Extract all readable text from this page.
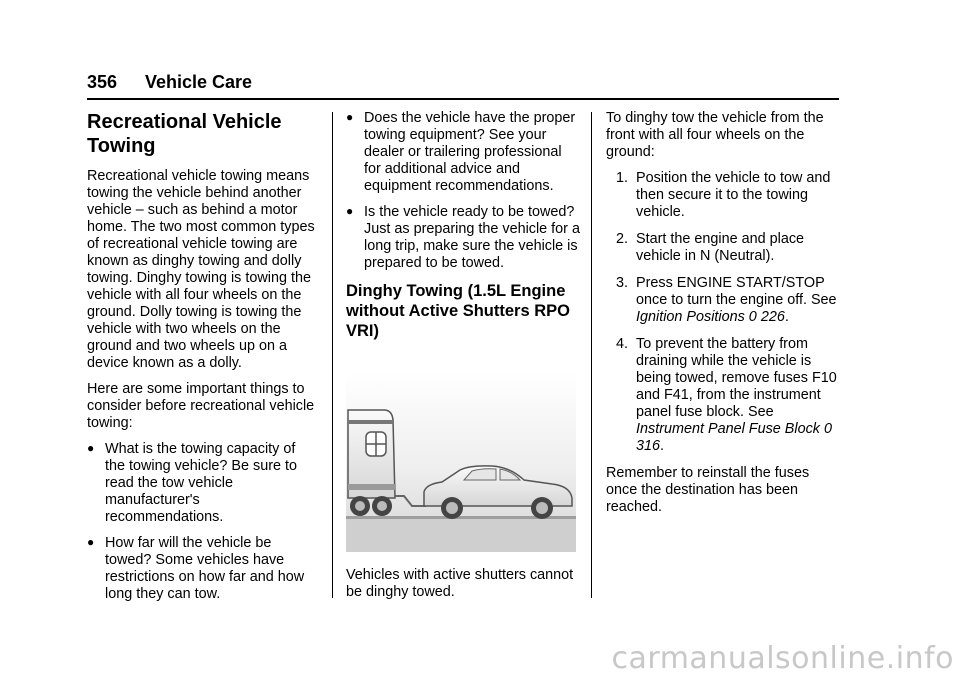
356 Vehicle Care
Recreational Vehicle Towing

Recreational vehicle towing means towing the vehicle behind another vehicle – such as behind a motor home. The two most common types of recreational vehicle towing are known as dinghy towing and dolly towing. Dinghy towing is towing the vehicle with all four wheels on the ground. Dolly towing is towing the vehicle with two wheels on the ground and two wheels up on a device known as a dolly.

Here are some important things to consider before recreational vehicle towing:

● What is the towing capacity of the towing vehicle? Be sure to read the tow vehicle manufacturer's recommendations.
● How far will the vehicle be towed? Some vehicles have restrictions on how far and how long they can tow.
● Does the vehicle have the proper towing equipment? See your dealer or trailering professional for additional advice and equipment recommendations.
● Is the vehicle ready to be towed? Just as preparing the vehicle for a long trip, make sure the vehicle is prepared to be towed.
Dinghy Towing (1.5L Engine without Active Shutters RPO VRI)

Vehicles with active shutters cannot be dinghy towed.

To dinghy tow the vehicle from the front with all four wheels on the ground:

1. Position the vehicle to tow and then secure it to the towing vehicle.
2. Start the engine and place vehicle in N (Neutral).
3. Press ENGINE START/STOP once to turn the engine off. See Ignition Positions 0 226.
4. To prevent the battery from draining while the vehicle is being towed, remove fuses F10 and F41, from the instrument panel fuse block. See Instrument Panel Fuse Block 0 316.

Remember to reinstall the fuses once the destination has been reached.

carmanualsonline.info
